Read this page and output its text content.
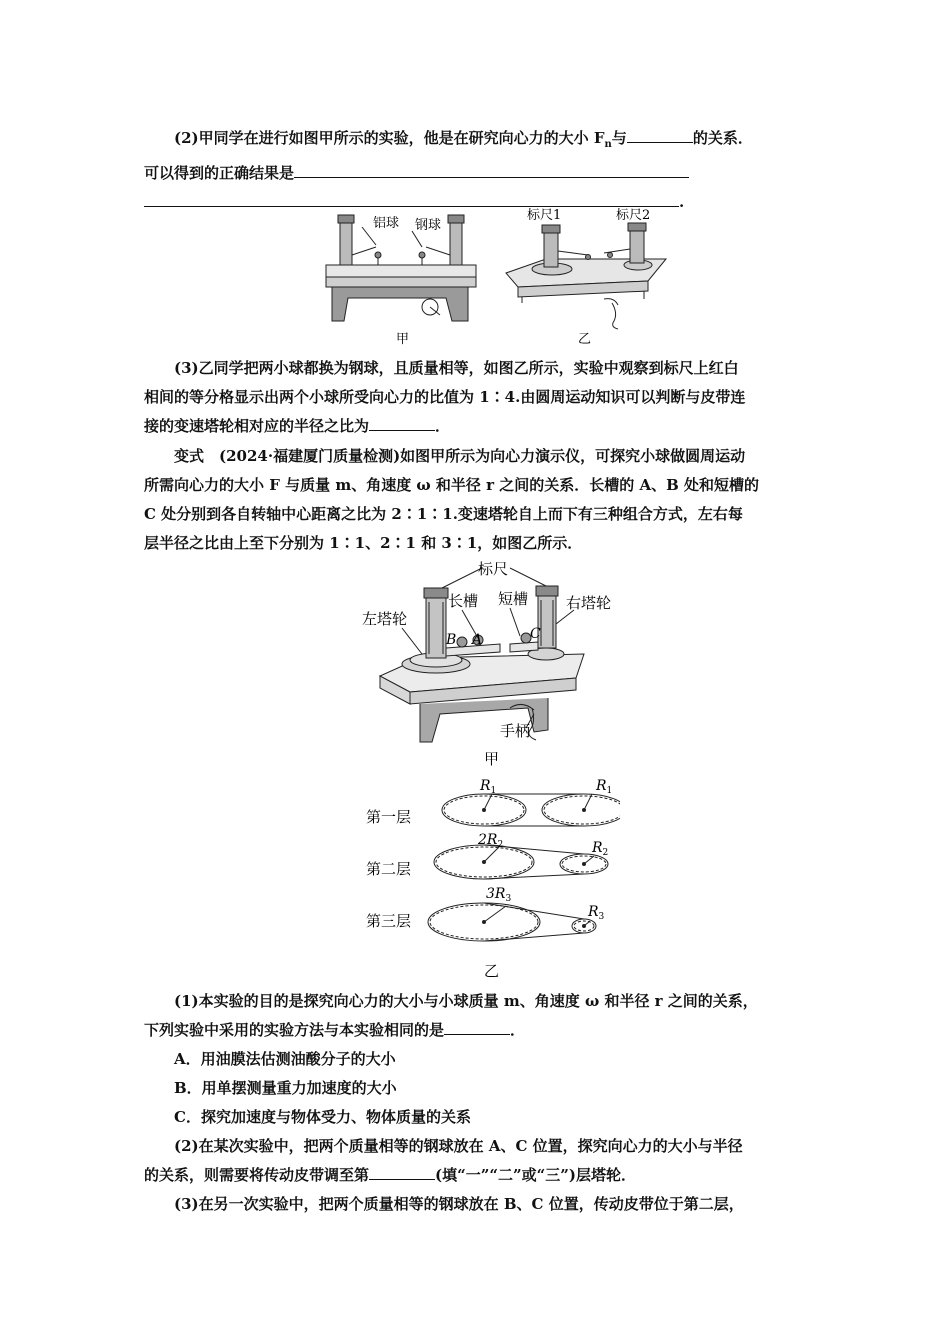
(2)甲同学在进行如图甲所示的实验，他是在研究向心力的大小 $F_n$与	的关系．
可以得到的正确结果是
.
铝球 钢球
甲
标尺1	标尺2
乙
(3)乙同学把两小球都换为钢球，且质量相等，如图乙所示，实验中观察到标尺上红白
相间的等分格显示出两个小球所受向心力的比值为 1∶4.由圆周运动知识可以判断与皮带连
接的变速塔轮相对应的半径之比为	．
变式　(2024·福建厦门质量检测)如图甲所示为向心力演示仪，可探究小球做圆周运动
所需向心力的大小 F 与质量 m、角速度 ω 和半径 r 之间的关系．长槽的 A、B 处和短槽的
C 处分别到各自转轴中心距离之比为 2∶1∶1.变速塔轮自上而下有三种组合方式，左右每
层半径之比由上至下分别为 1∶1、2∶1 和 3∶1，如图乙所示．
标尺
左塔轮
长槽 短槽	右塔轮
B A	C
手柄
甲
第一层
第二层
第三层
$R_1$	$R_1$
$2R_2$	$R_2$
$3R_3$
$R_3$
乙
(1)本实验的目的是探究向心力的大小与小球质量 m、角速度 ω 和半径 r 之间的关系，
下列实验中采用的实验方法与本实验相同的是	．
A．用油膜法估测油酸分子的大小
B．用单摆测量重力加速度的大小
C．探究加速度与物体受力、物体质量的关系
(2)在某次实验中，把两个质量相等的钢球放在 A、C 位置，探究向心力的大小与半径
的关系，则需要将传动皮带调至第	(填“一”“二”或“三”)层塔轮．
(3)在另一次实验中，把两个质量相等的钢球放在 B、C 位置，传动皮带位于第二层，
